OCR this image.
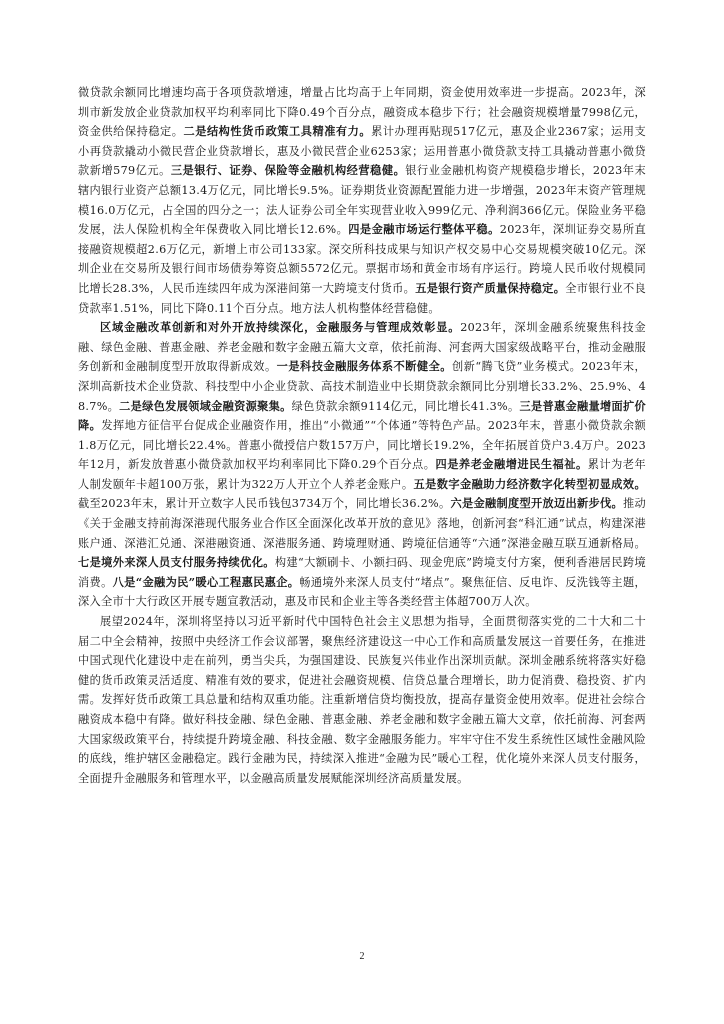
微贷款余额同比增速均高于各项贷款增速，增量占比均高于上年同期，资金使用效率进一步提高。2023年，深圳市新发放企业贷款加权平均利率同比下降0.49个百分点，融资成本稳步下行；社会融资规模增量7998亿元，资金供给保持稳定。二是结构性货币政策工具精准有力。累计办理再贴现517亿元，惠及企业2367家；运用支小再贷款撬动小微民营企业贷款增长，惠及小微民营企业6253家；运用普惠小微贷款支持工具撬动普惠小微贷款新增579亿元。三是银行、证券、保险等金融机构经营稳健。银行业金融机构资产规模稳步增长，2023年末辖内银行业资产总额13.4万亿元，同比增长9.5%。证券期货业资源配置能力进一步增强，2023年末资产管理规模16.0万亿元，占全国的四分之一；法人证券公司全年实现营业收入999亿元、净利润366亿元。保险业务平稳发展，法人保险机构全年保费收入同比增长12.6%。四是金融市场运行整体平稳。2023年，深圳证券交易所直接融资规模超2.6万亿元，新增上市公司133家。深交所科技成果与知识产权交易中心交易规模突破10亿元。深圳企业在交易所及银行间市场债券筹资总额5572亿元。票据市场和黄金市场有序运行。跨境人民币收付规模同比增长28.3%，人民币连续四年成为深港间第一大跨境支付货币。五是银行资产质量保持稳定。全市银行业不良贷款率1.51%，同比下降0.11个百分点。地方法人机构整体经营稳健。

区域金融改革创新和对外开放持续深化，金融服务与管理成效彰显。2023年，深圳金融系统聚焦科技金融、绿色金融、普惠金融、养老金融和数字金融五篇大文章，依托前海、河套两大国家级战略平台，推动金融服务创新和金融制度型开放取得新成效。一是科技金融服务体系不断健全。创新“腾飞贷”业务模式。2023年末，深圳高新技术企业贷款、科技型中小企业贷款、高技术制造业中长期贷款余额同比分别增长33.2%、25.9%、48.7%。二是绿色发展领域金融资源聚集。绿色贷款余额9114亿元，同比增长41.3%。三是普惠金融量增面扩价降。发挥地方征信平台促成企业融资作用，推出“小微通”“个体通”等特色产品。2023年末，普惠小微贷款余额1.8万亿元，同比增长22.4%。普惠小微授信户数157万户，同比增长19.2%，全年拓展首贷户3.4万户。2023年12月，新发放普惠小微贷款加权平均利率同比下降0.29个百分点。四是养老金融增进民生福祉。累计为老年人制发颐年卡超100万张，累计为322万人开立个人养老金账户。五是数字金融助力经济数字化转型初显成效。截至2023年末，累计开立数字人民币钱包3734万个，同比增长36.2%。六是金融制度型开放迈出新步伐。推动《关于金融支持前海深港现代服务业合作区全面深化改革开放的意见》落地，创新河套“科汇通”试点，构建深港账户通、深港汇兑通、深港融资通、深港服务通、跨境理财通、跨境征信通等“六通”深港金融互联互通新格局。七是境外来深人员支付服务持续优化。构建“大额刷卡、小额扫码、现金兜底”跨境支付方案，便利香港居民跨境消费。八是“金融为民”暖心工程惠民惠企。畅通境外来深人员支付“堵点”。聚焦征信、反电诈、反洗钱等主题，深入全市十大行政区开展专题宣教活动，惠及市民和企业主等各类经营主体超700万人次。

展望2024年，深圳将坚持以习近平新时代中国特色社会主义思想为指导，全面贯彻落实党的二十大和二十届二中全会精神，按照中央经济工作会议部署，聚焦经济建设这一中心工作和高质量发展这一首要任务，在推进中国式现代化建设中走在前列，勇当尖兵，为强国建设、民族复兴伟业作出深圳贡献。深圳金融系统将落实好稳健的货币政策灵活适度、精准有效的要求，促进社会融资规模、信贷总量合理增长，助力促消费、稳投资、扩内需。发挥好货币政策工具总量和结构双重功能。注重新增信贷均衡投放，提高存量资金使用效率。促进社会综合融资成本稳中有降。做好科技金融、绿色金融、普惠金融、养老金融和数字金融五篇大文章，依托前海、河套两大国家级政策平台，持续提升跨境金融、科技金融、数字金融服务能力。牢牢守住不发生系统性区域性金融风险的底线，维护辖区金融稳定。践行金融为民，持续深入推进“金融为民”暖心工程，优化境外来深人员支付服务，全面提升金融服务和管理水平，以金融高质量发展赋能深圳经济高质量发展。

2
